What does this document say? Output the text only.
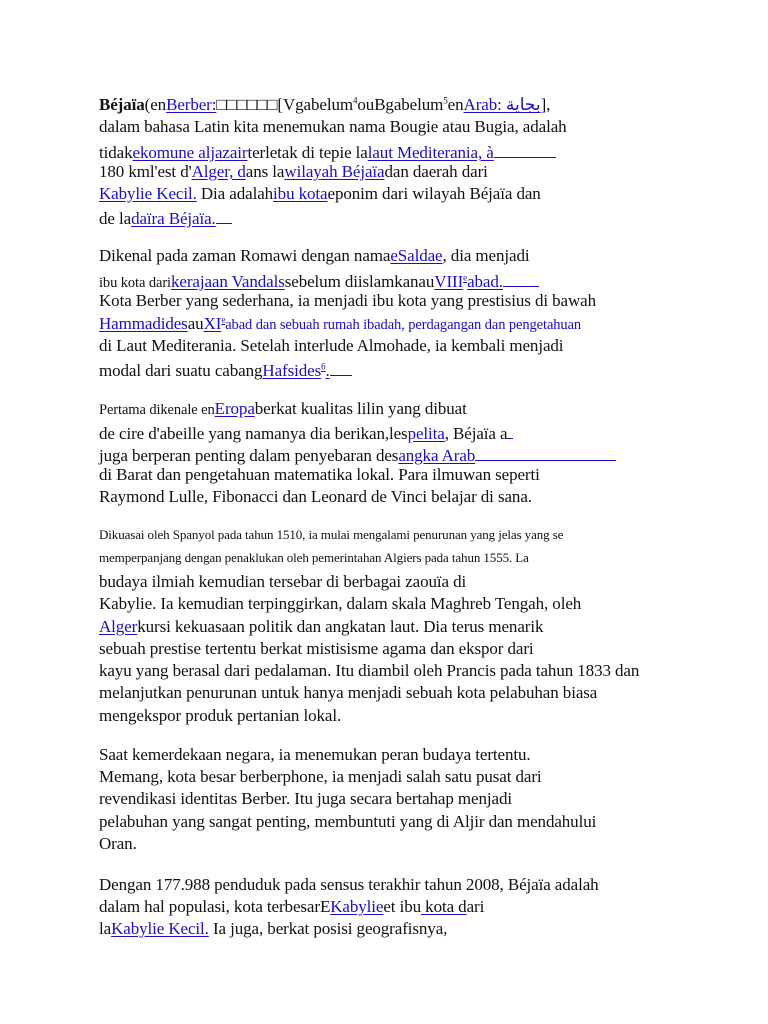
Béjaïa(enBerber:□□□□□□[Vgabelum$^4$ouBgabelum$^5$enArab: بجاية],
dalam bahasa Latin kita menemukan nama Bougie atau Bugia, adalah
tidakekomune aljazairterletak di tepie lalaut Mediterania, à
180 kml'est d'Alger, dans lawilayah Béjaïadan daerah dari
Kabylie Kecil. Dia adalahibu kotaeponim dari wilayah Béjaïa dan
de ladaïra Béjaïa.
Dikenal pada zaman Romawi dengan namaeSaldae, dia menjadi
ibu kota darikerajaan Vandalssebelum diislamkanauVIII$^e$abad.
Kota Berber yang sederhana, ia menjadi ibu kota yang prestisius di bawah
HammadidesauXI$^e$abad dan sebuah rumah ibadah, perdagangan dan pengetahuan
di Laut Mediterania. Setelah interlude Almohade, ia kembali menjadi
modal dari suatu cabangHafsides$^6$.
Pertama dikenale enEropaberkat kualitas lilin yang dibuat
de cire d'abeille yang namanya dia berikan,lespelita, Béjaïa a
juga berperan penting dalam penyebaran desangka Arab
di Barat dan pengetahuan matematika lokal. Para ilmuwan seperti
Raymond Lulle, Fibonacci dan Leonard de Vinci belajar di sana.
Dikuasai oleh Spanyol pada tahun 1510, ia mulai mengalami penurunan yang jelas yang se
memperpanjang dengan penaklukan oleh pemerintahan Algiers pada tahun 1555. La
budaya ilmiah kemudian tersebar di berbagai zaouïa di
Kabylie. Ia kemudian terpinggirkan, dalam skala Maghreb Tengah, oleh
Algerkursi kekuasaan politik dan angkatan laut. Dia terus menarik
sebuah prestise tertentu berkat mistisisme agama dan ekspor dari
kayu yang berasal dari pedalaman. Itu diambil oleh Prancis pada tahun 1833 dan
melanjutkan penurunan untuk hanya menjadi sebuah kota pelabuhan biasa
mengekspor produk pertanian lokal.
Saat kemerdekaan negara, ia menemukan peran budaya tertentu.
Memang, kota besar berberphone, ia menjadi salah satu pusat dari
revendikasi identitas Berber. Itu juga secara bertahap menjadi
pelabuhan yang sangat penting, membuntuti yang di Aljir dan mendahului
Oran.
Dengan 177.988 penduduk pada sensus terakhir tahun 2008, Béjaïa adalah
dalam hal populasi, kota terbesarEKabylieet ibu kota dari
laKabylie Kecil. Ia juga, berkat posisi geografisnya,
